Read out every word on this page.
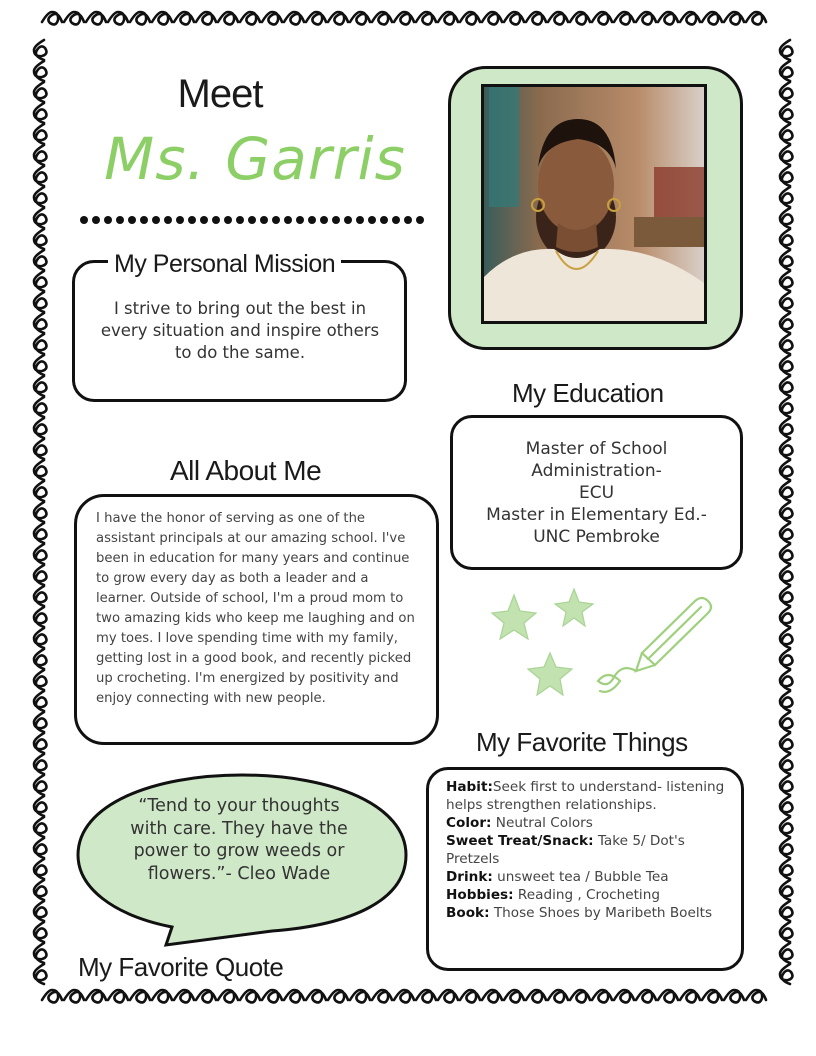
Meet
Ms. Garris
My Personal Mission
I strive to bring out the best in every situation and inspire others to do the same.
My Education
Master of School
Administration-
ECU
Master in Elementary Ed.-
UNC Pembroke
All About Me
I have the honor of serving as one of the assistant principals at our amazing school. I've been in education for many years and continue to grow every day as both a leader and a learner. Outside of school, I'm a proud mom to two amazing kids who keep me laughing and on my toes. I love spending time with my family, getting lost in a good book, and recently picked up crocheting. I'm energized by positivity and enjoy connecting with new people.
My Favorite Things
Habit:Seek first to understand- listening helps strengthen relationships.
Color: Neutral Colors
Sweet Treat/Snack: Take 5/ Dot's Pretzels
Drink: unsweet tea / Bubble Tea
Hobbies: Reading , Crocheting
Book: Those Shoes by Maribeth Boelts
“Tend to your thoughts with care. They have the power to grow weeds or flowers.”- Cleo Wade
My Favorite Quote
